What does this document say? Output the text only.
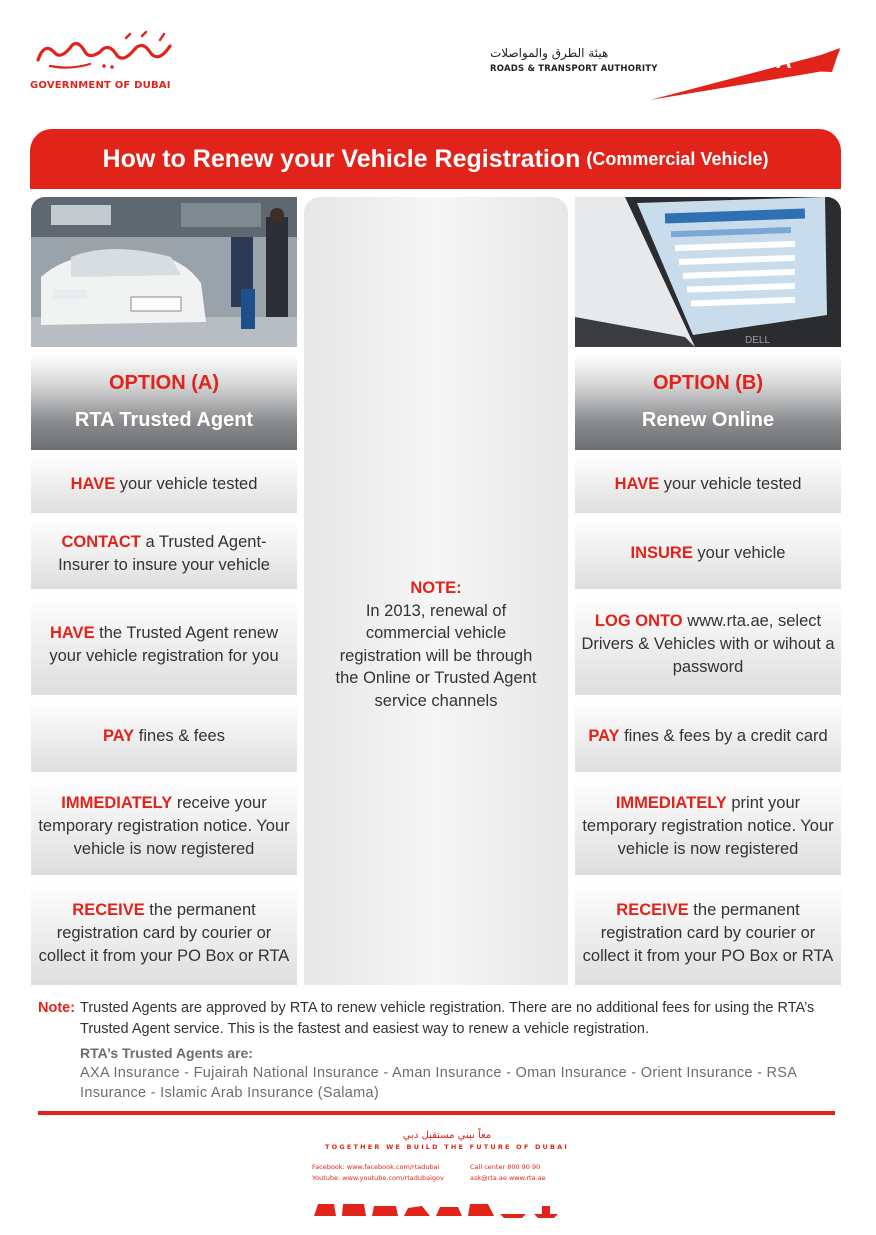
GOVERNMENT OF DUBAI
هيئة الطرق والمواصلات
ROADS & TRANSPORT AUTHORITY	RTA
How to Renew your Vehicle Registration (Commercial Vehicle)
OPTION (A)
RTA Trusted Agent
HAVE your vehicle tested
CONTACT a Trusted Agent-Insurer to insure your vehicle
HAVE the Trusted Agent renew your vehicle registration for you
PAY fines & fees
IMMEDIATELY receive your temporary registration notice. Your vehicle is now registered
RECEIVE the permanent registration card by courier or collect it from your PO Box or RTA
NOTE:
In 2013, renewal of commercial vehicle registration will be through the Online or Trusted Agent service channels
DELL
OPTION (B)
Renew Online
HAVE your vehicle tested
INSURE your vehicle
LOG ONTO www.rta.ae, select Drivers & Vehicles with or wihout a password
PAY fines & fees by a credit card
IMMEDIATELY print your temporary registration notice. Your vehicle is now registered
RECEIVE the permanent registration card by courier or collect it from your PO Box or RTA
Note: Trusted Agents are approved by RTA to renew vehicle registration. There are no additional fees for using the RTA’s Trusted Agent service. This is the fastest and easiest way to renew a vehicle registration.
RTA’s Trusted Agents are:
AXA Insurance - Fujairah National Insurance - Aman Insurance - Oman Insurance - Orient Insurance - RSA Insurance - Islamic Arab Insurance (Salama)
معاً نبني مستقبل دبي
TOGETHER WE BUILD THE FUTURE OF DUBAI
Facebook: www.facebook.com/rtadubai
Youtube: www.youtube.com/rtadubaigov
Call center 800 90 90
ask@rta.ae www.rta.ae
